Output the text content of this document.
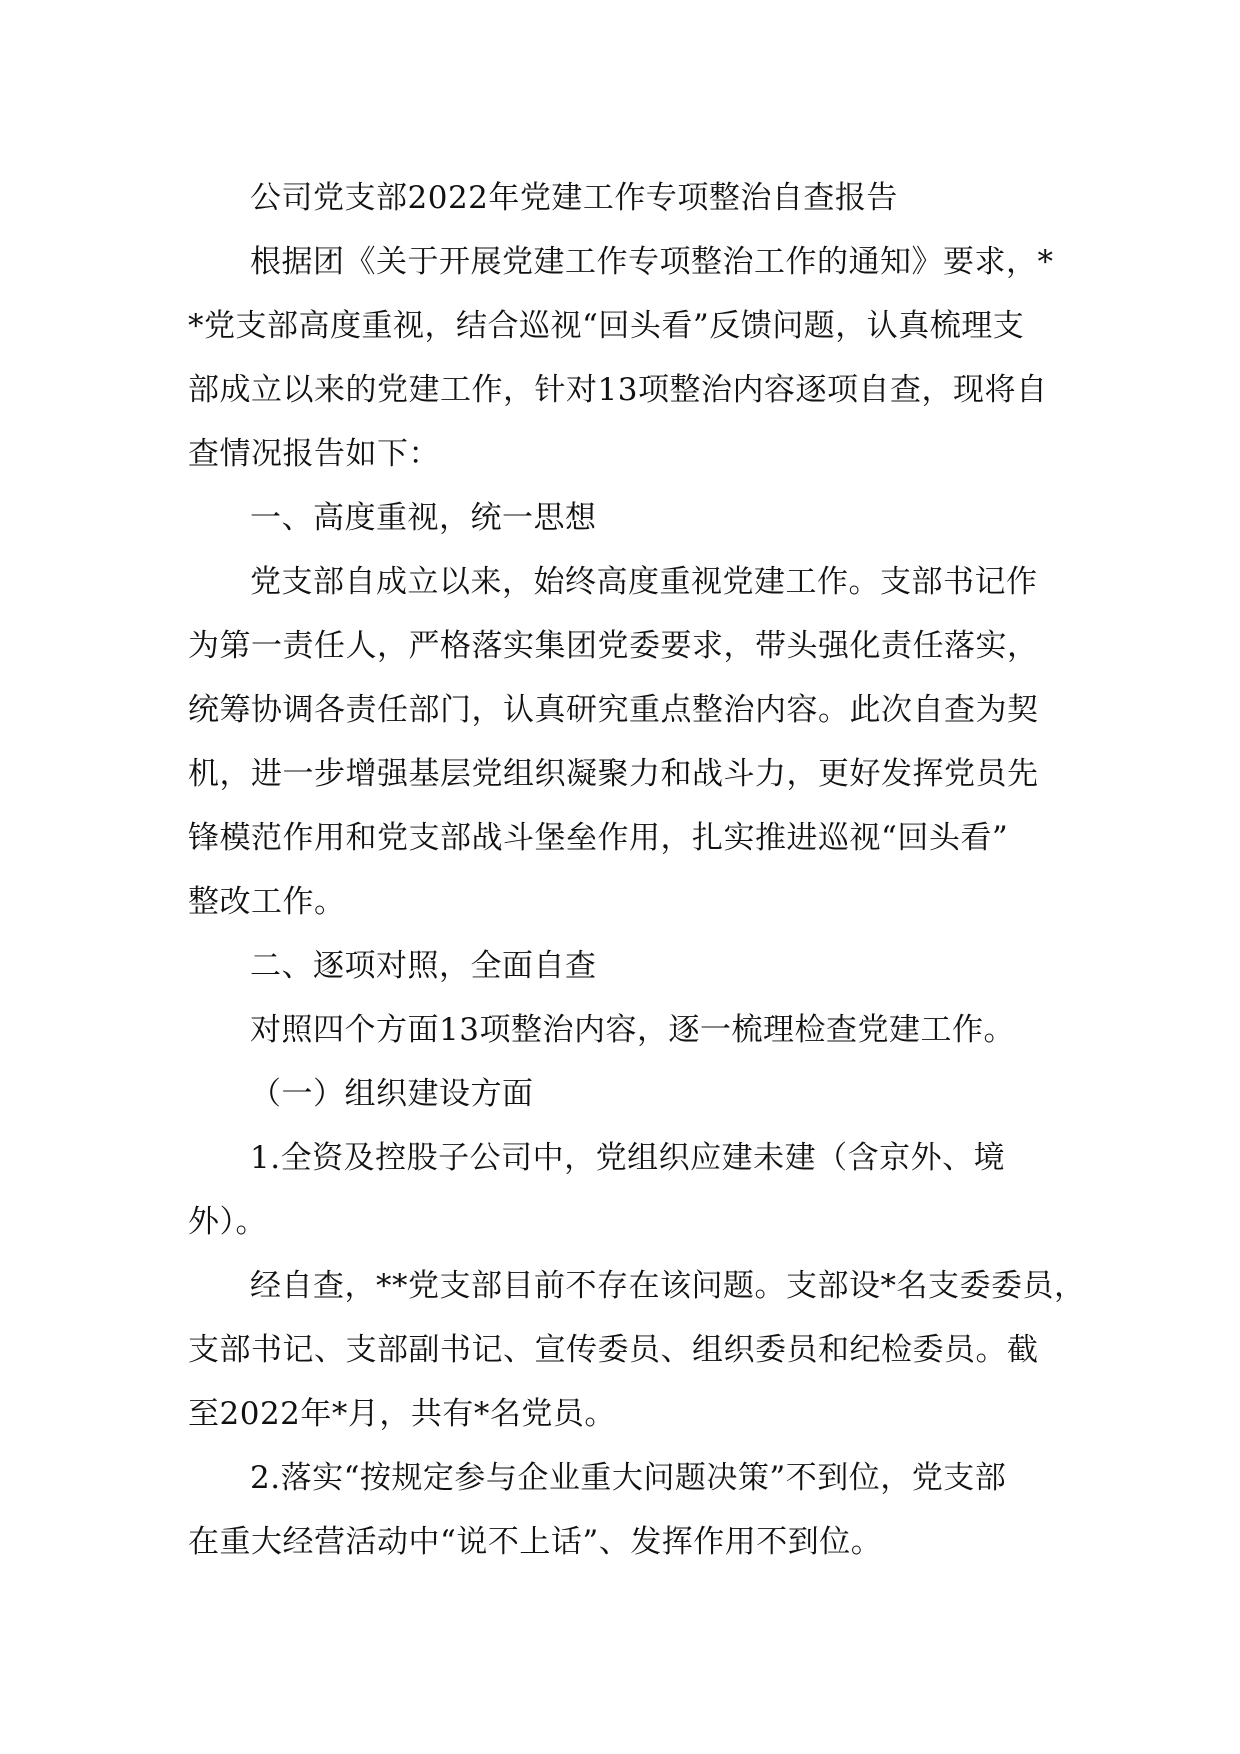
公司党支部2022年党建工作专项整治自查报告
根据团《关于开展党建工作专项整治工作的通知》要求，*
*党支部高度重视，结合巡视“回头看”反馈问题，认真梳理支
部成立以来的党建工作，针对13项整治内容逐项自查，现将自
查情况报告如下：
一、高度重视，统一思想
党支部自成立以来，始终高度重视党建工作。支部书记作
为第一责任人，严格落实集团党委要求，带头强化责任落实，
统筹协调各责任部门，认真研究重点整治内容。此次自查为契
机，进一步增强基层党组织凝聚力和战斗力，更好发挥党员先
锋模范作用和党支部战斗堡垒作用，扎实推进巡视“回头看”
整改工作。
二、逐项对照，全面自查
对照四个方面13项整治内容，逐一梳理检查党建工作。
（一）组织建设方面
1.全资及控股子公司中，党组织应建未建（含京外、境
外）。
经自查，**党支部目前不存在该问题。支部设*名支委委员，
支部书记、支部副书记、宣传委员、组织委员和纪检委员。截
至2022年*月，共有*名党员。
2.落实“按规定参与企业重大问题决策”不到位，党支部
在重大经营活动中“说不上话”、发挥作用不到位。
